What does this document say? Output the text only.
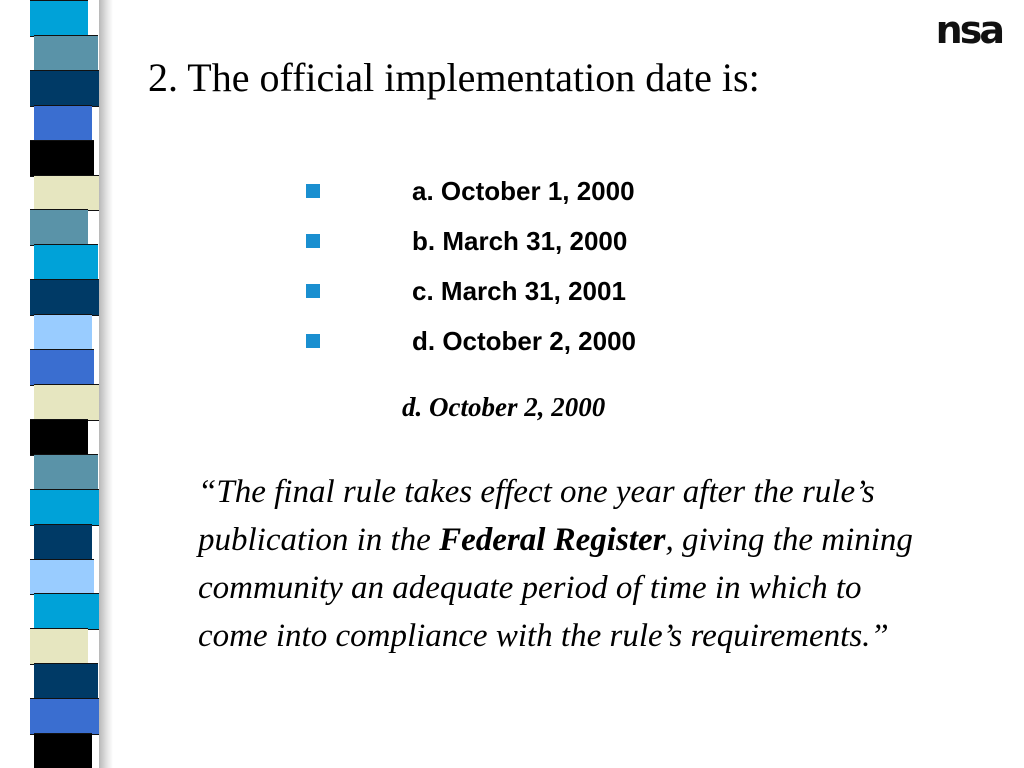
nsa
2. The official implementation date is:
a. October 1, 2000
b. March 31, 2000
c. March 31, 2001
d. October 2, 2000
d. October 2, 2000

“The final rule takes effect one year after the rule’s publication in the Federal Register, giving the mining community an adequate period of time in which to come into compliance with the rule’s requirements.”
